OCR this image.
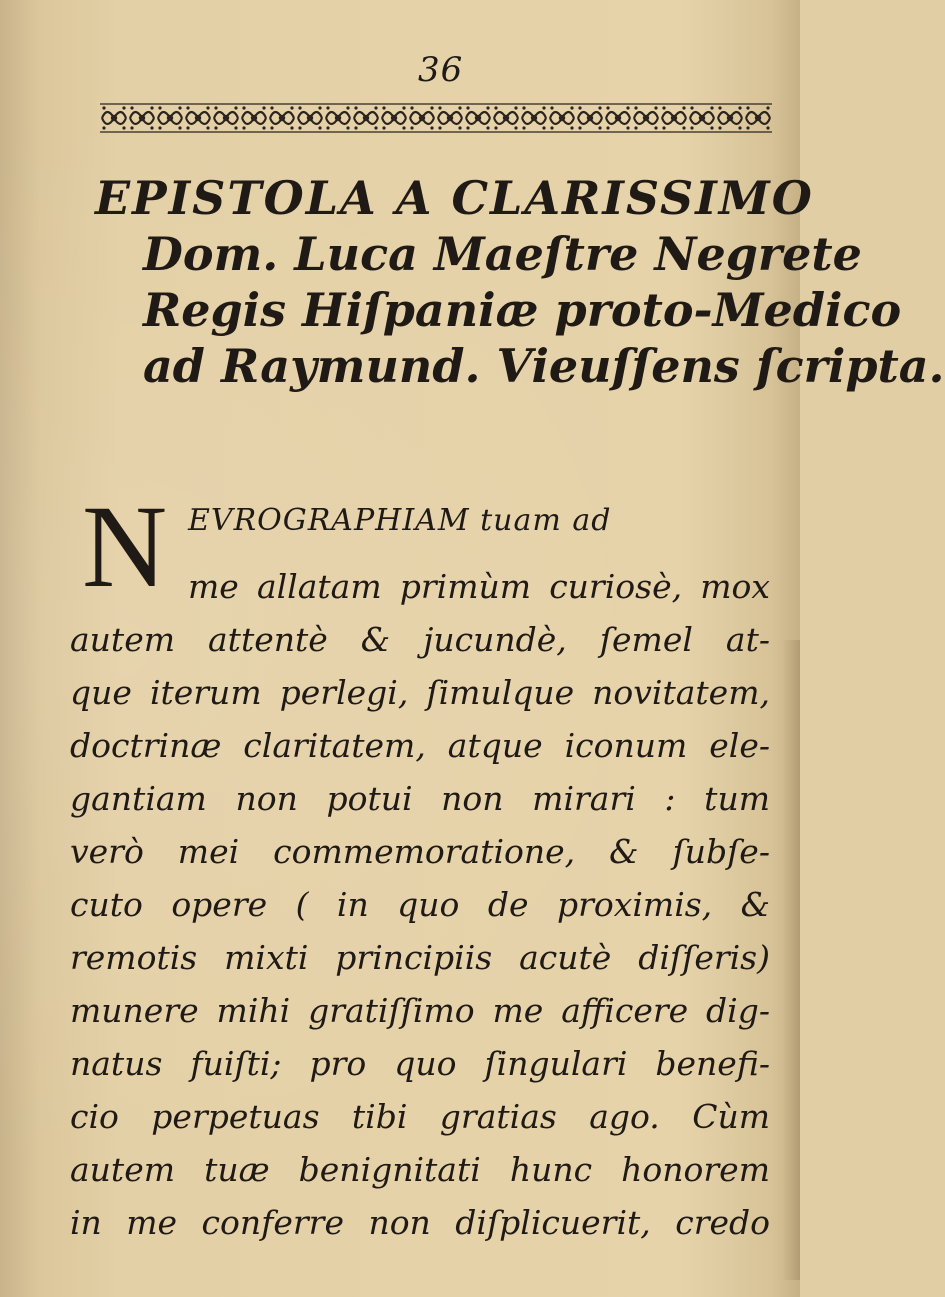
36
EPISTOLA A CLARISSIMO
Dom. Luca Maeſtre Negrete
Regis Hiſpaniæ proto-Medico
ad Raymund. Vieuſſens ſcripta.
N EVROGRAPHIAM tuam ad
me allatam primùm curiosè, mox
autem attentè & jucundè, ſemel at-
que iterum perlegi, ſimulque novitatem,
doctrinæ claritatem, atque iconum ele-
gantiam non potui non mirari : tum
verò mei commemoratione, & ſubſe-
cuto opere ( in quo de proximis, &
remotis mixti principiis acutè diſſeris)
munere mihi gratiſſimo me afficere dig-
natus fuiſti; pro quo ſingulari benefi-
cio perpetuas tibi gratias ago. Cùm
autem tuæ benignitati hunc honorem
in me conferre non diſplicuerit, credo
